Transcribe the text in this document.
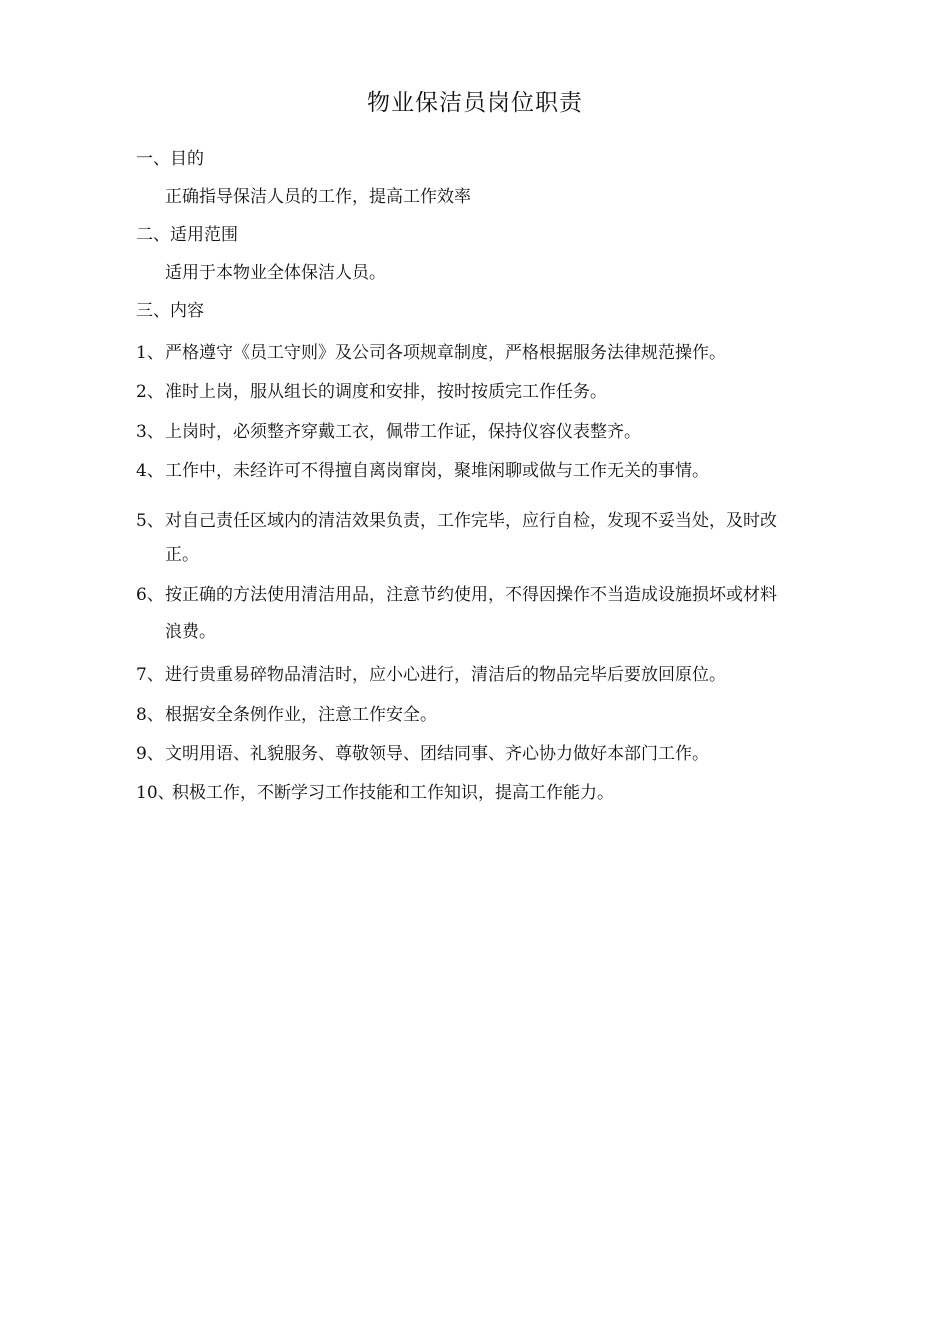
物业保洁员岗位职责
一、目的
正确指导保洁人员的工作，提高工作效率
二、适用范围
适用于本物业全体保洁人员。
三、内容
1、严格遵守《员工守则》及公司各项规章制度，严格根据服务法律规范操作。
2、准时上岗，服从组长的调度和安排，按时按质完工作任务。
3、上岗时，必须整齐穿戴工衣，佩带工作证，保持仪容仪表整齐。
4、工作中，未经许可不得擅自离岗窜岗，聚堆闲聊或做与工作无关的事情。
5、对自己责任区域内的清洁效果负责，工作完毕，应行自检，发现不妥当处，及时改
正。
6、按正确的方法使用清洁用品，注意节约使用，不得因操作不当造成设施损坏或材料
浪费。
7、进行贵重易碎物品清洁时，应小心进行，清洁后的物品完毕后要放回原位。
8、根据安全条例作业，注意工作安全。
9、文明用语、礼貌服务、尊敬领导、团结同事、齐心协力做好本部门工作。
10、积极工作，不断学习工作技能和工作知识，提高工作能力。
